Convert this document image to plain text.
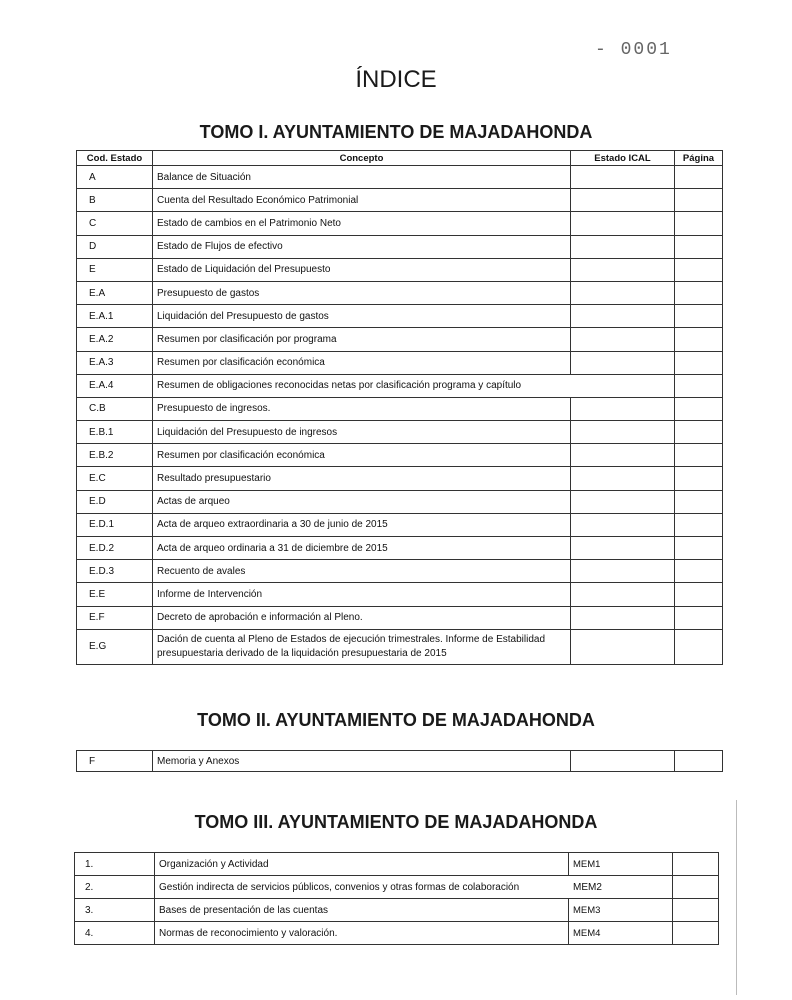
- 0001
ÍNDICE
TOMO I. AYUNTAMIENTO DE MAJADAHONDA
Cod. Estado	Concepto	Estado ICAL	Página
A	Balance de Situación		
B	Cuenta del Resultado Económico Patrimonial		
C	Estado de cambios en el Patrimonio Neto		
D	Estado de Flujos de efectivo		
E	Estado de Liquidación del Presupuesto		
E.A	Presupuesto de gastos		
E.A.1	Liquidación del Presupuesto de gastos		
E.A.2	Resumen por clasificación por programa		
E.A.3	Resumen por clasificación económica		
E.A.4	Resumen de obligaciones reconocidas netas por clasificación programa y capítulo		
C.B	Presupuesto de ingresos.		
E.B.1	Liquidación del Presupuesto de ingresos		
E.B.2	Resumen por clasificación económica		
E.C	Resultado presupuestario		
E.D	Actas de arqueo		
E.D.1	Acta de arqueo extraordinaria a 30 de junio de 2015		
E.D.2	Acta de arqueo ordinaria a 31 de diciembre de 2015		
E.D.3	Recuento de avales		
E.E	Informe de Intervención		
E.F	Decreto de aprobación e información al Pleno.		
E.G	Dación de cuenta al Pleno de Estados de ejecución trimestrales. Informe de Estabilidad presupuestaria derivado de la liquidación presupuestaria de 2015		
TOMO II. AYUNTAMIENTO DE MAJADAHONDA
F	Memoria y Anexos		
TOMO III. AYUNTAMIENTO DE MAJADAHONDA
1.	Organización y Actividad	MEM1	
2.	Gestión indirecta de servicios públicos, convenios y otras formas de colaboración MEM2		

3.	Bases de presentación de las cuentas	MEM3	
4.	Normas de reconocimiento y valoración.	MEM4	
